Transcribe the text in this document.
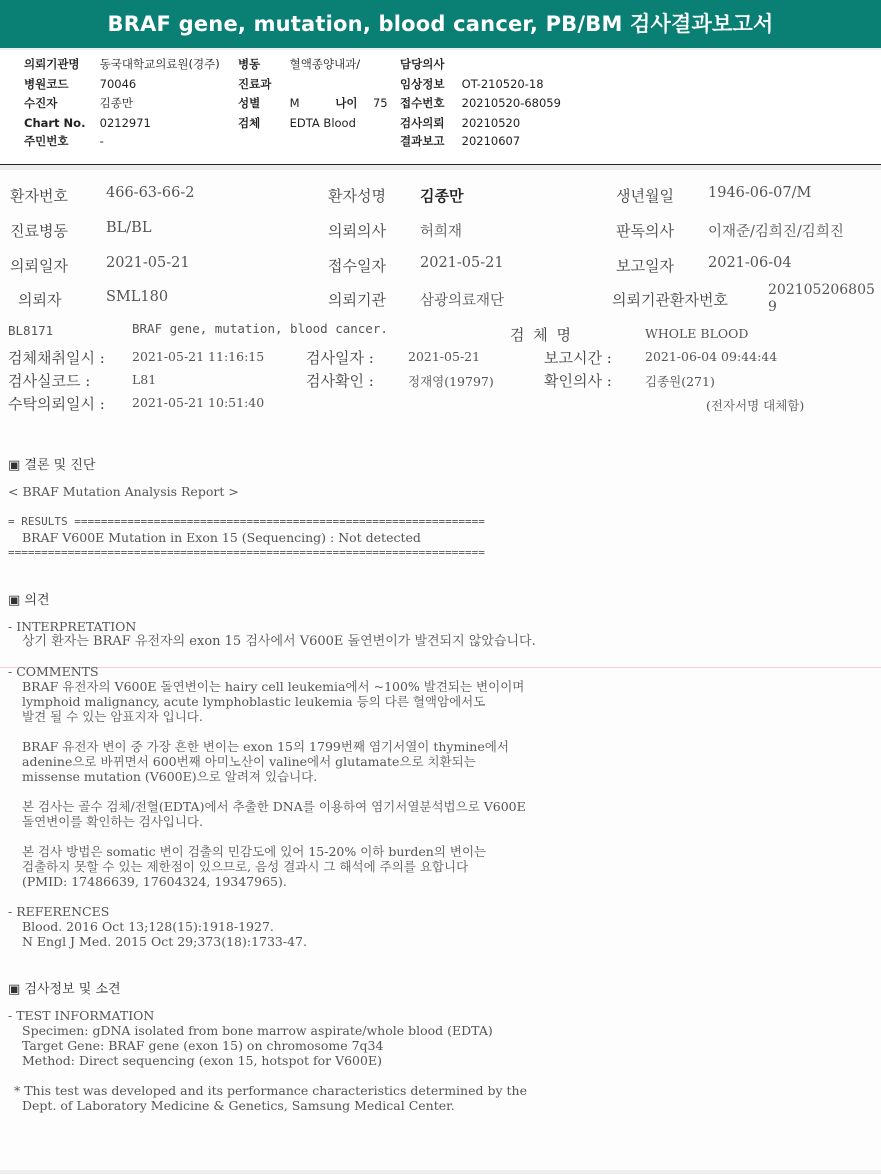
BRAF gene, mutation, blood cancer, PB/BM 검사결과보고서
의뢰기관명 동국대학교의료원(경주)
병원코드	70046
수진자	김종만
Chart No. 0212971
주민번호	-
병동	혈액종양내과/
진료과
성별	M	나이 75
검체	EDTA Blood
담당의사
임상정보 OT-210520-18
접수번호 20210520-68059
검사의뢰 20210520
결과보고 20210607
환자번호	466-63-66-2	환자성명 김종만	생년월일 1946-06-07/M
진료병동	BL/BL	의뢰의사 허희재	판독의사 이재준/김희진/김희진
의뢰일자	2021-05-21	접수일자 2021-05-21	보고일자 2021-06-04
의뢰자	SML180	의뢰기관 삼광의료재단	의뢰기관환자번호
202105206805
9
BL8171	BRAF gene, mutation, blood cancer.	검 체 명	WHOLE BLOOD
검체채취일시 : 2021-05-21 11:16:15	검사일자 :	2021-05-21	보고시간 :	2021-06-04 09:44:44
검사실코드 :	L81	검사확인 :	정재영(19797)	확인의사 :	김종원(271)
수탁의뢰일시 : 2021-05-21 10:51:40	(전자서명 대체함)
▣ 결론 및 진단
< BRAF Mutation Analysis Report >
= RESULTS ==============================================================
BRAF V600E Mutation in Exon 15 (Sequencing) : Not detected
========================================================================
▣ 의견
- INTERPRETATION
상기 환자는 BRAF 유전자의 exon 15 검사에서 V600E 돌연변이가 발견되지 않았습니다.
- COMMENTS
BRAF 유전자의 V600E 돌연변이는 hairy cell leukemia에서 ~100% 발견되는 변이이며
lymphoid malignancy, acute lymphoblastic leukemia 등의 다른 혈액암에서도
발견 될 수 있는 암표지자 입니다.
BRAF 유전자 변이 중 가장 흔한 변이는 exon 15의 1799번째 염기서열이 thymine에서
adenine으로 바뀌면서 600번째 아미노산이 valine에서 glutamate으로 치환되는
missense mutation (V600E)으로 알려져 있습니다.
본 검사는 골수 검체/전혈(EDTA)에서 추출한 DNA를 이용하여 염기서열분석법으로 V600E
돌연변이를 확인하는 검사입니다.
본 검사 방법은 somatic 변이 검출의 민감도에 있어 15-20% 이하 burden의 변이는
검출하지 못할 수 있는 제한점이 있으므로, 음성 결과시 그 해석에 주의를 요합니다
(PMID: 17486639, 17604324, 19347965).
- REFERENCES
Blood. 2016 Oct 13;128(15):1918-1927.
N Engl J Med. 2015 Oct 29;373(18):1733-47.
▣ 검사정보 및 소견
- TEST INFORMATION
Specimen: gDNA isolated from bone marrow aspirate/whole blood (EDTA)
Target Gene: BRAF gene (exon 15) on chromosome 7q34
Method: Direct sequencing (exon 15, hotspot for V600E)
* This test was developed and its performance characteristics determined by the
Dept. of Laboratory Medicine & Genetics, Samsung Medical Center.
